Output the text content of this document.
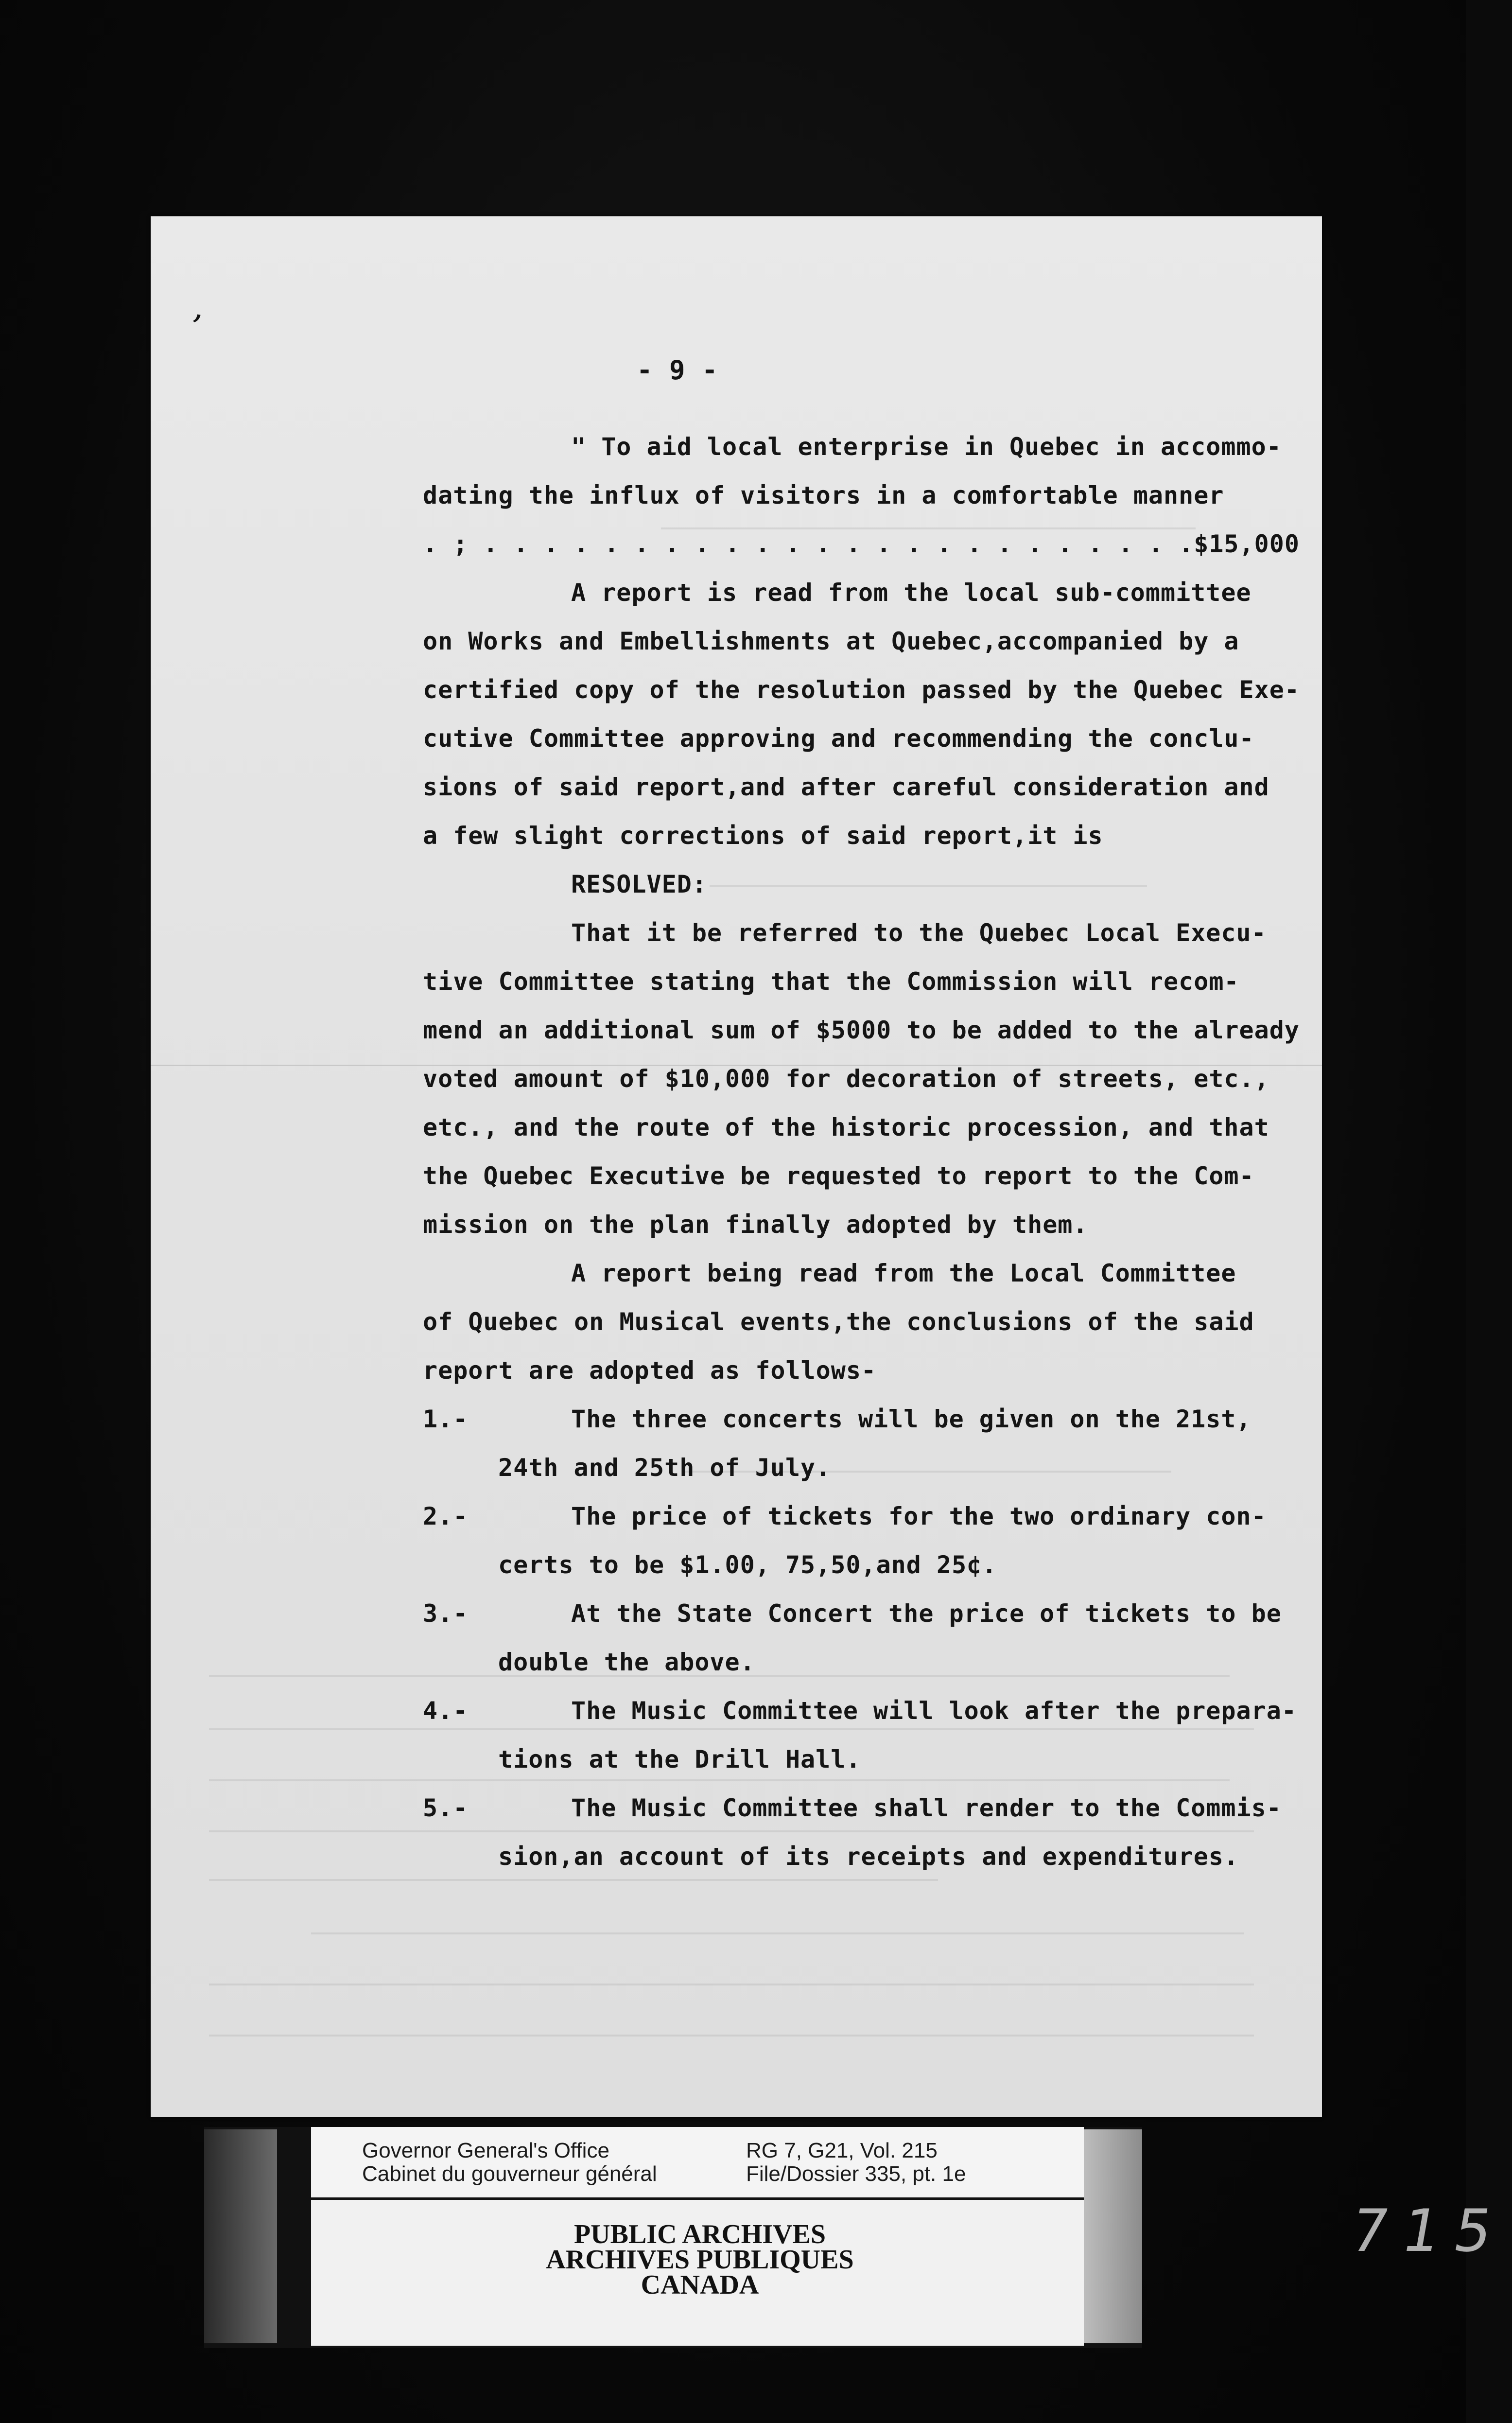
,
- 9 -
" To aid local enterprise in Quebec in accommo-
dating the influx of visitors in a comfortable manner
. ; . . . . . . . . . . . . . . . . . . . . . . . .$15,000
A report is read from the local sub-committee
on Works and Embellishments at Quebec,accompanied by a
certified copy of the resolution passed by the Quebec Exe-
cutive Committee approving and recommending the conclu-
sions of said report,and after careful consideration and
a few slight corrections of said report,it is
RESOLVED:
That it be referred to the Quebec Local Execu-
tive Committee stating that the Commission will recom-
mend an additional sum of $5000 to be added to the already
voted amount of $10,000 for decoration of streets, etc.,
etc., and the route of the historic procession, and that
the Quebec Executive be requested to report to the Com-
mission on the plan finally adopted by them.
A report being read from the Local Committee
of Quebec on Musical events,the conclusions of the said
report are adopted as follows-
1.-	The three concerts will be given on the 21st,
24th and 25th of July.
2.-	The price of tickets for the two ordinary con-
certs to be $1.00, 75,50,and 25¢.
3.-	At the State Concert the price of tickets to be
double the above.
4.-	The Music Committee will look after the prepara-
tions at the Drill Hall.
5.-	The Music Committee shall render to the Commis-
sion,an account of its receipts and expenditures.
Governor General's Office
Cabinet du gouverneur général
RG 7, G21, Vol. 215
File/Dossier 335, pt. 1e
PUBLIC ARCHIVES
ARCHIVES PUBLIQUES
CANADA
715
